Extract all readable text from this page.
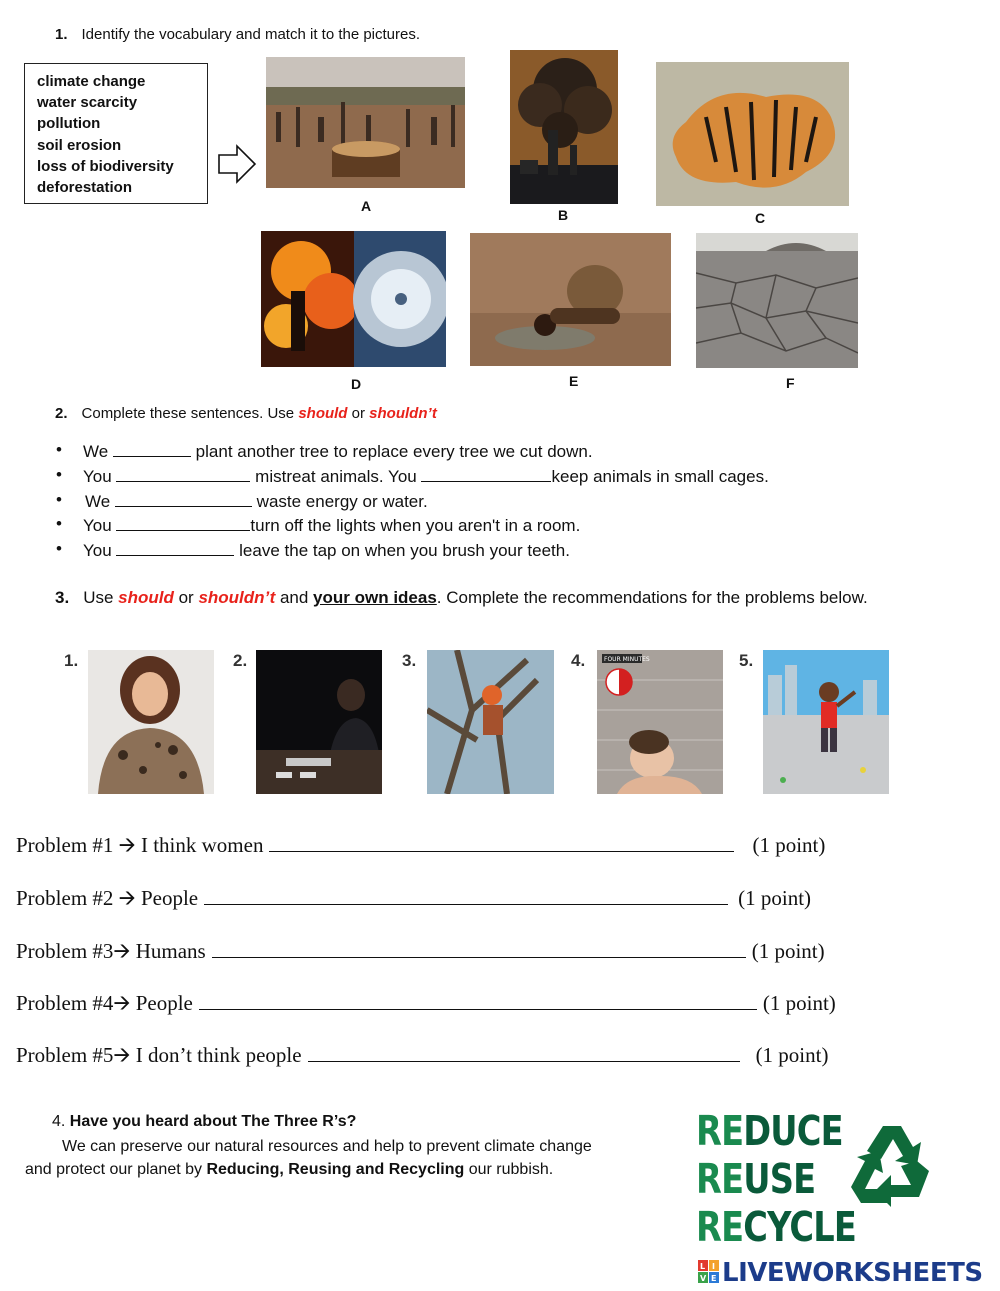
1. Identify the vocabulary and match it to the pictures.
climate change
water scarcity
pollution
soil erosion
loss of biodiversity
deforestation
A
B	C
D	E	F
2. Complete these sentences. Use should or shouldn’t
• We	plant another tree to replace every tree we cut down.
• You	mistreat animals. You	keep animals in small cages.
• We	waste energy or water.
• You	turn off the lights when you aren't in a room.
• You	leave the tap on when you brush your teeth.
3. Use should or shouldn’t and your own ideas. Complete the recommendations for the problems below.
1.	2.	3.	4.	FOUR MINUTES	5.
Problem #1 🡪 I think women	(1 point)
Problem #2 🡪 People	(1 point)
Problem #3🡪 Humans	(1 point)
Problem #4🡪 People	(1 point)
Problem #5🡪 I don’t think people	(1 point)
4. Have you heard about The Three R’s?
We can preserve our natural resources and help to prevent climate change
and protect our planet by Reducing, Reusing and Recycling our rubbish.
REDUCE
REUSE
RECYCLE
L I
V E LIVEWORKSHEETS
